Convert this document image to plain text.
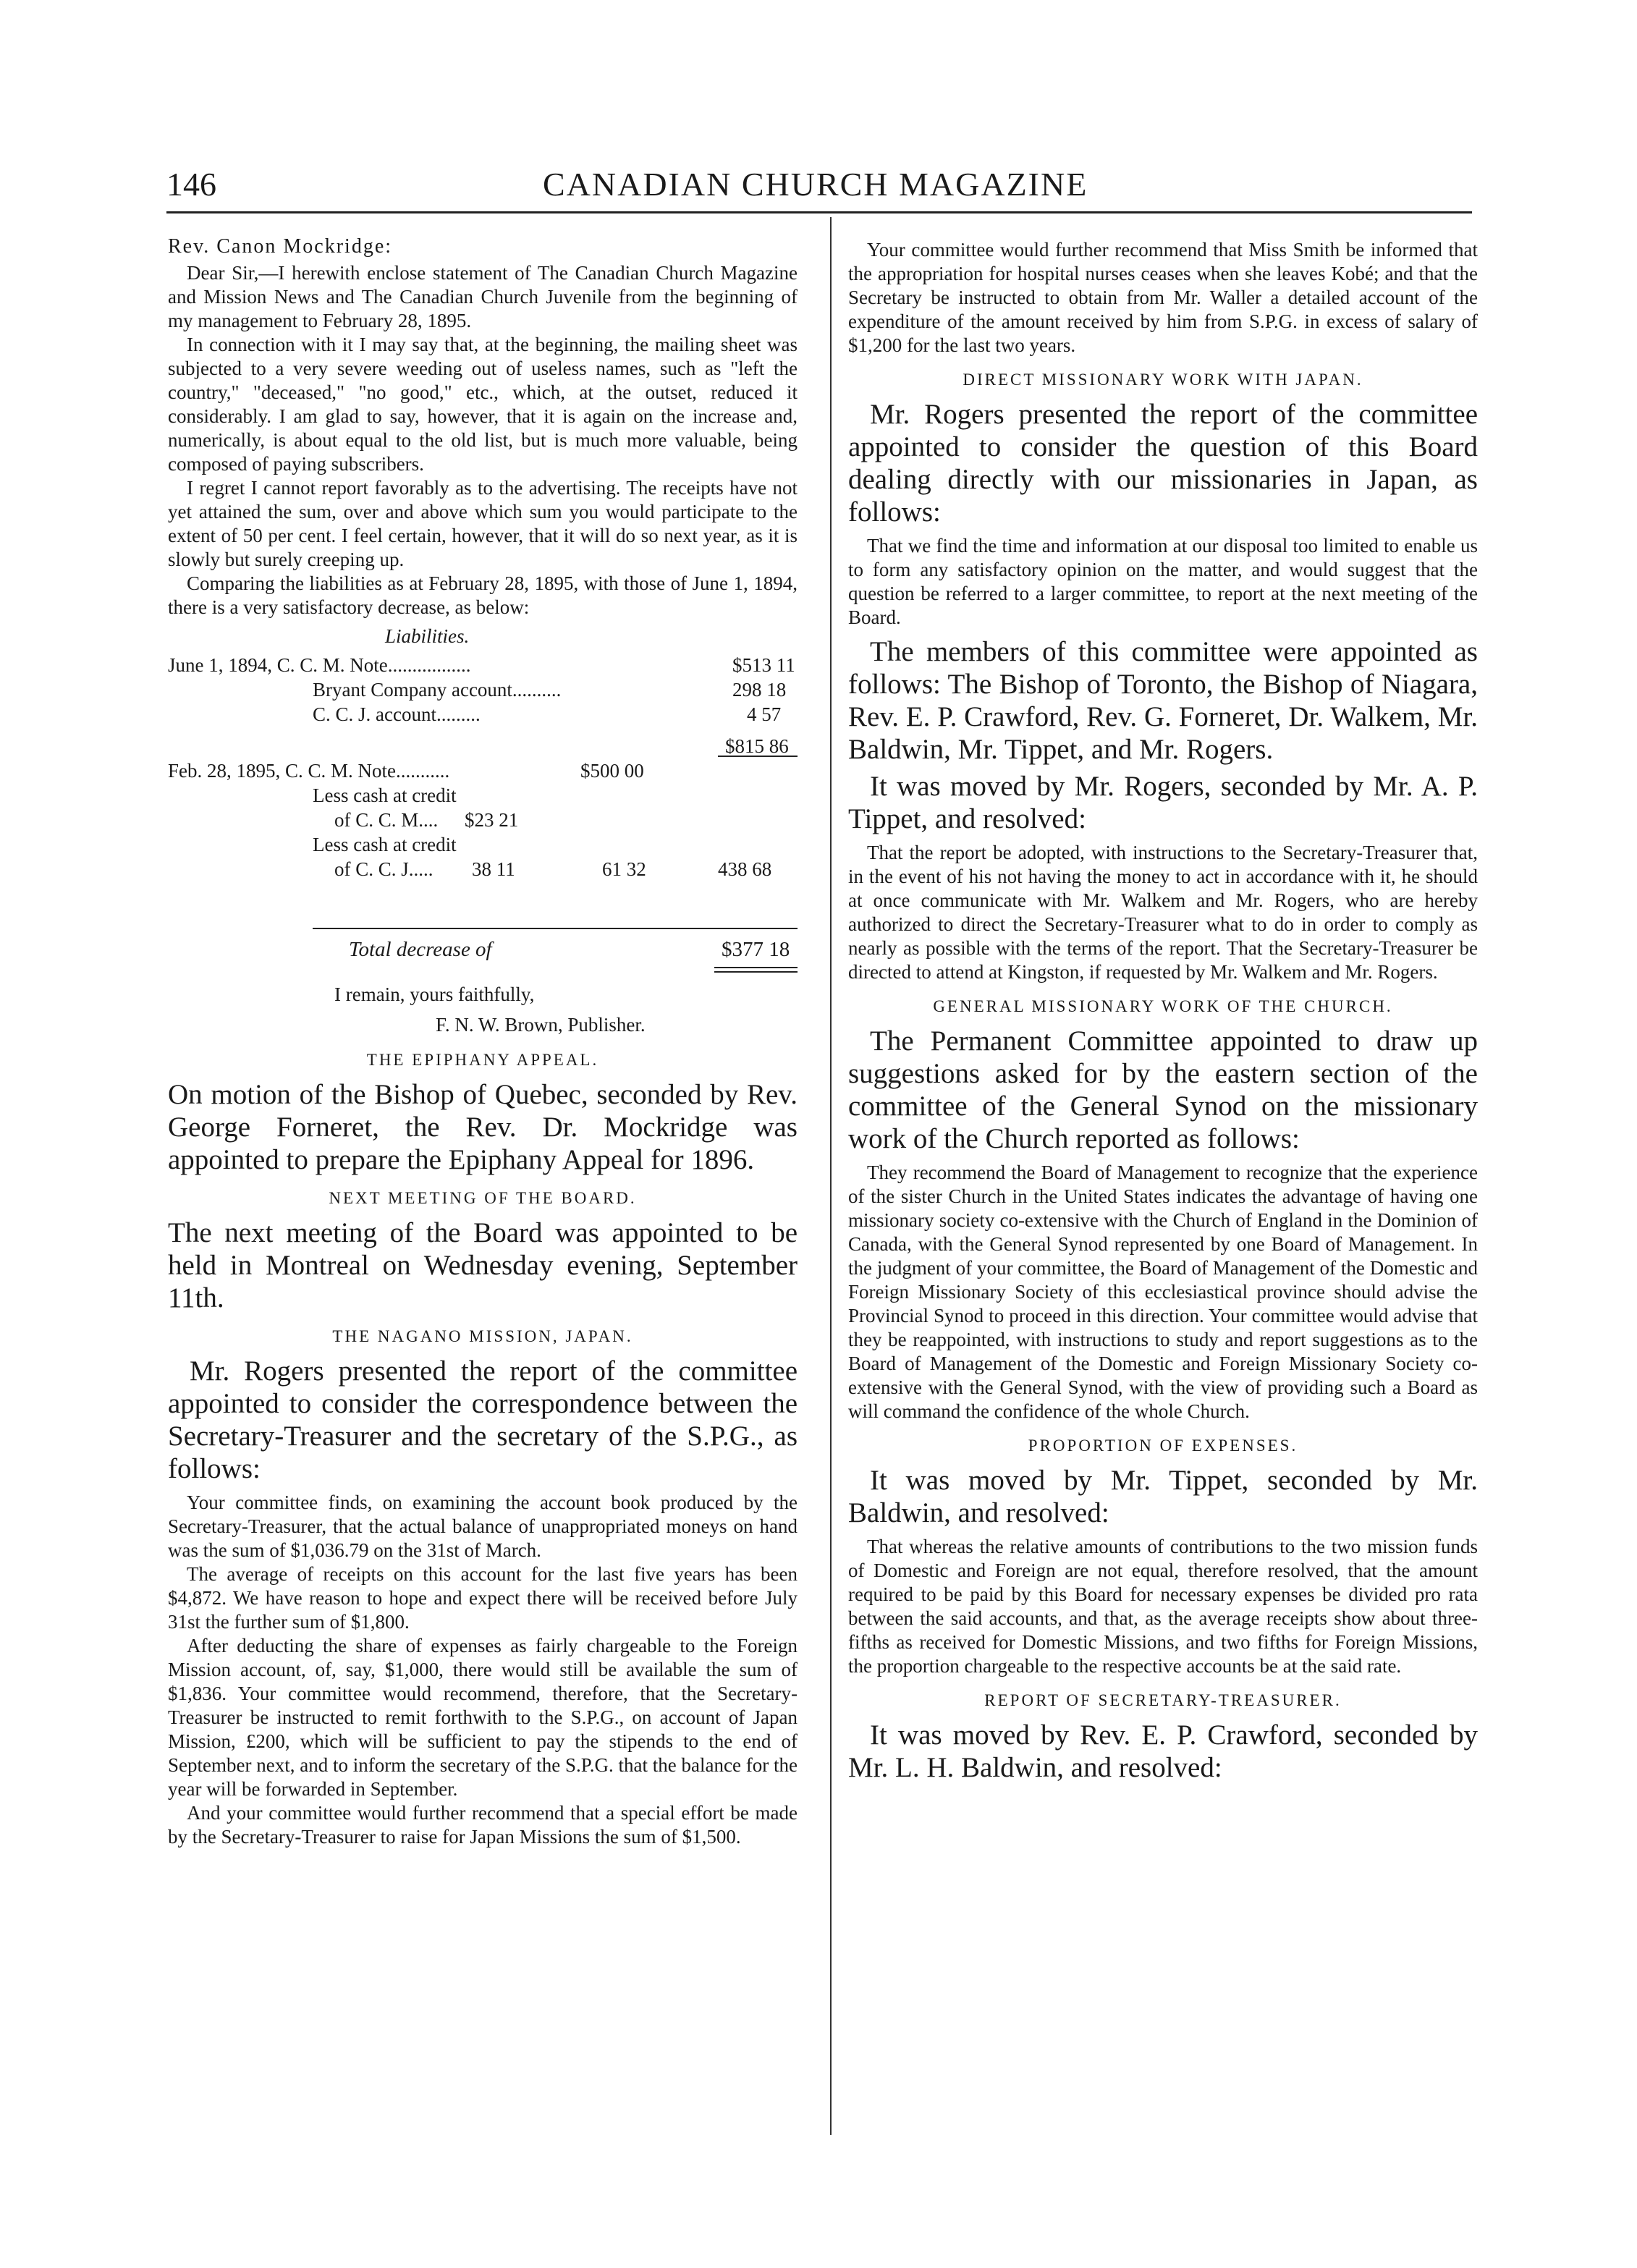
146	CANADIAN CHURCH MAGAZINE
Rev. Canon Mockridge:

Dear Sir,—I herewith enclose statement of The Canadian Church Magazine and Mission News and The Canadian Church Juvenile from the beginning of my management to February 28, 1895.

In connection with it I may say that, at the beginning, the mailing sheet was subjected to a very severe weeding out of useless names, such as "left the country," "deceased," "no good," etc., which, at the outset, reduced it considerably. I am glad to say, however, that it is again on the increase and, numerically, is about equal to the old list, but is much more valuable, being composed of paying subscribers.

I regret I cannot report favorably as to the advertising. The receipts have not yet attained the sum, over and above which sum you would participate to the extent of 50 per cent. I feel certain, however, that it will do so next year, as it is slowly but surely creeping up.

Comparing the liabilities as at February 28, 1895, with those of June 1, 1894, there is a very satisfactory decrease, as below:

Liabilities.
June 1, 1894, C. C. M. Note.................	$513 11
Bryant Company account..........	298 18
C. C. J. account.........	4 57
$815 86
Feb. 28, 1895, C. C. M. Note...........	$500 00
Less cash at credit
of C. C. M.... $23 21
Less cash at credit
of C. C. J..... 38 11	61 32	438 68
Total decrease of	$377 18
I remain, yours faithfully,
F. N. W. Brown, Publisher.
THE EPIPHANY APPEAL.

On motion of the Bishop of Quebec, seconded by Rev. George Forneret, the Rev. Dr. Mockridge was appointed to prepare the Epiphany Appeal for 1896.

NEXT MEETING OF THE BOARD.

The next meeting of the Board was appointed to be held in Montreal on Wednesday evening, September 11th.

THE NAGANO MISSION, JAPAN.

Mr. Rogers presented the report of the committee appointed to consider the correspondence between the Secretary-Treasurer and the secretary of the S.P.G., as follows:

Your committee finds, on examining the account book produced by the Secretary-Treasurer, that the actual balance of unappropriated moneys on hand was the sum of $1,036.79 on the 31st of March.

The average of receipts on this account for the last five years has been $4,872. We have reason to hope and expect there will be received before July 31st the further sum of $1,800.

After deducting the share of expenses as fairly chargeable to the Foreign Mission account, of, say, $1,000, there would still be available the sum of $1,836. Your committee would recommend, therefore, that the Secretary-Treasurer be instructed to remit forthwith to the S.P.G., on account of Japan Mission, £200, which will be sufficient to pay the stipends to the end of September next, and to inform the secretary of the S.P.G. that the balance for the year will be forwarded in September.

And your committee would further recommend that a special effort be made by the Secretary-Treasurer to raise for Japan Missions the sum of $1,500.

Your committee would further recommend that Miss Smith be informed that the appropriation for hospital nurses ceases when she leaves Kobé; and that the Secretary be instructed to obtain from Mr. Waller a detailed account of the expenditure of the amount received by him from S.P.G. in excess of salary of $1,200 for the last two years.

DIRECT MISSIONARY WORK WITH JAPAN.

Mr. Rogers presented the report of the committee appointed to consider the question of this Board dealing directly with our missionaries in Japan, as follows:

That we find the time and information at our disposal too limited to enable us to form any satisfactory opinion on the matter, and would suggest that the question be referred to a larger committee, to report at the next meeting of the Board.

The members of this committee were appointed as follows: The Bishop of Toronto, the Bishop of Niagara, Rev. E. P. Crawford, Rev. G. Forneret, Dr. Walkem, Mr. Baldwin, Mr. Tippet, and Mr. Rogers.

It was moved by Mr. Rogers, seconded by Mr. A. P. Tippet, and resolved:

That the report be adopted, with instructions to the Secretary-Treasurer that, in the event of his not having the money to act in accordance with it, he should at once communicate with Mr. Walkem and Mr. Rogers, who are hereby authorized to direct the Secretary-Treasurer what to do in order to comply as nearly as possible with the terms of the report. That the Secretary-Treasurer be directed to attend at Kingston, if requested by Mr. Walkem and Mr. Rogers.

GENERAL MISSIONARY WORK OF THE CHURCH.

The Permanent Committee appointed to draw up suggestions asked for by the eastern section of the committee of the General Synod on the missionary work of the Church reported as follows:

They recommend the Board of Management to recognize that the experience of the sister Church in the United States indicates the advantage of having one missionary society co-extensive with the Church of England in the Dominion of Canada, with the General Synod represented by one Board of Management. In the judgment of your committee, the Board of Management of the Domestic and Foreign Missionary Society of this ecclesiastical province should advise the Provincial Synod to proceed in this direction. Your committee would advise that they be reappointed, with instructions to study and report suggestions as to the Board of Management of the Domestic and Foreign Missionary Society co-extensive with the General Synod, with the view of providing such a Board as will command the confidence of the whole Church.

PROPORTION OF EXPENSES.

It was moved by Mr. Tippet, seconded by Mr. Baldwin, and resolved:

That whereas the relative amounts of contributions to the two mission funds of Domestic and Foreign are not equal, therefore resolved, that the amount required to be paid by this Board for necessary expenses be divided pro rata between the said accounts, and that, as the average receipts show about three-fifths as received for Domestic Missions, and two fifths for Foreign Missions, the proportion chargeable to the respective accounts be at the said rate.

REPORT OF SECRETARY-TREASURER.

It was moved by Rev. E. P. Crawford, seconded by Mr. L. H. Baldwin, and resolved:
